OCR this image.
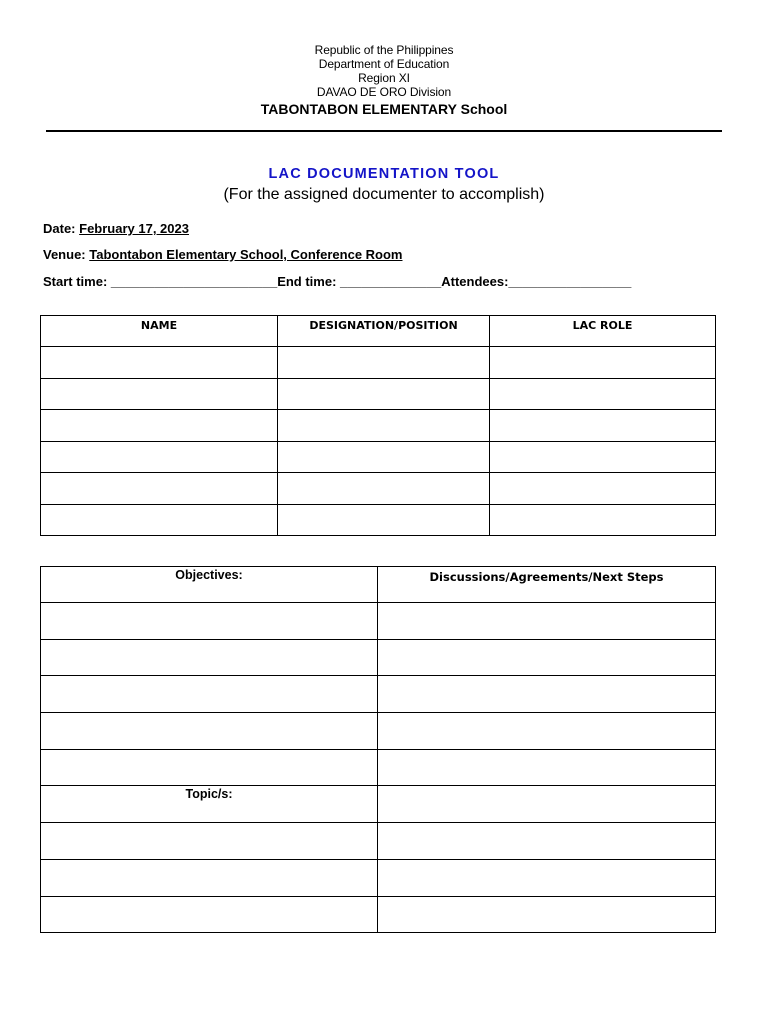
Republic of the Philippines
Department of Education
Region XI
DAVAO DE ORO Division
TABONTABON ELEMENTARY School
LAC DOCUMENTATION TOOL
(For the assigned documenter to accomplish)
Date: February 17, 2023
Venue: Tabontabon Elementary School, Conference Room
Start time: _______________________End time: ______________Attendees:_________________
NAME	DESIGNATION/POSITION	LAC ROLE

Objectives:	Discussions/Agreements/Next Steps

Topic/s:	
